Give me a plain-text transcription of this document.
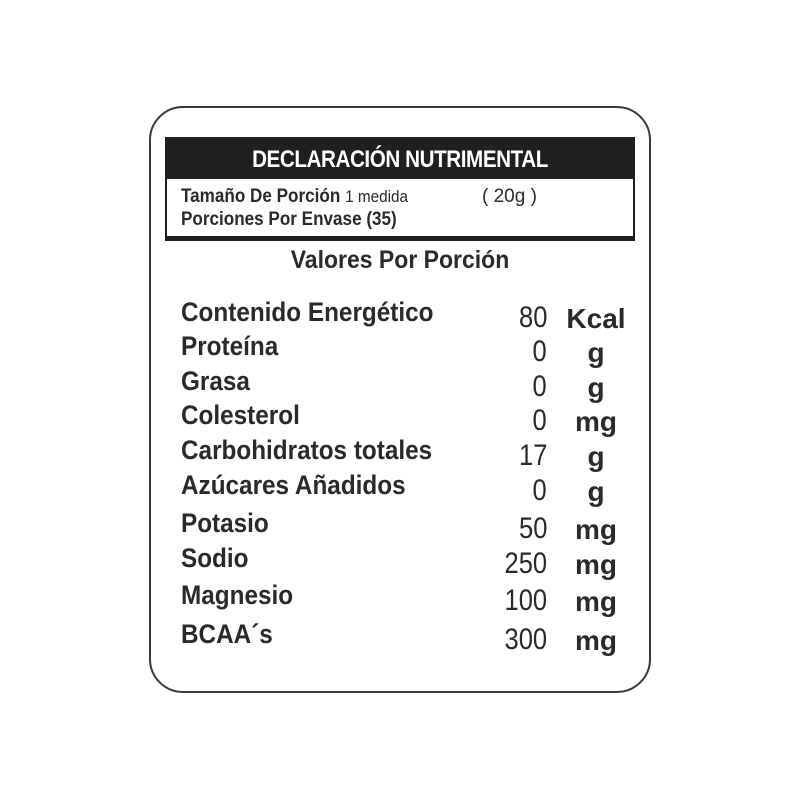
DECLARACIÓN NUTRIMENTAL
Tamaño De Porción 1 medida	( 20g )
Porciones Por Envase (35)
Valores Por Porción
Contenido Energético	80 Kcal
Proteína	0	g
Grasa	0	g
Colesterol	0	mg
Carbohidratos totales	17	g
Azúcares Añadidos	0	g
Potasio	50	mg
Sodio	250	mg
Magnesio	100	mg
BCAA´s	300	mg
